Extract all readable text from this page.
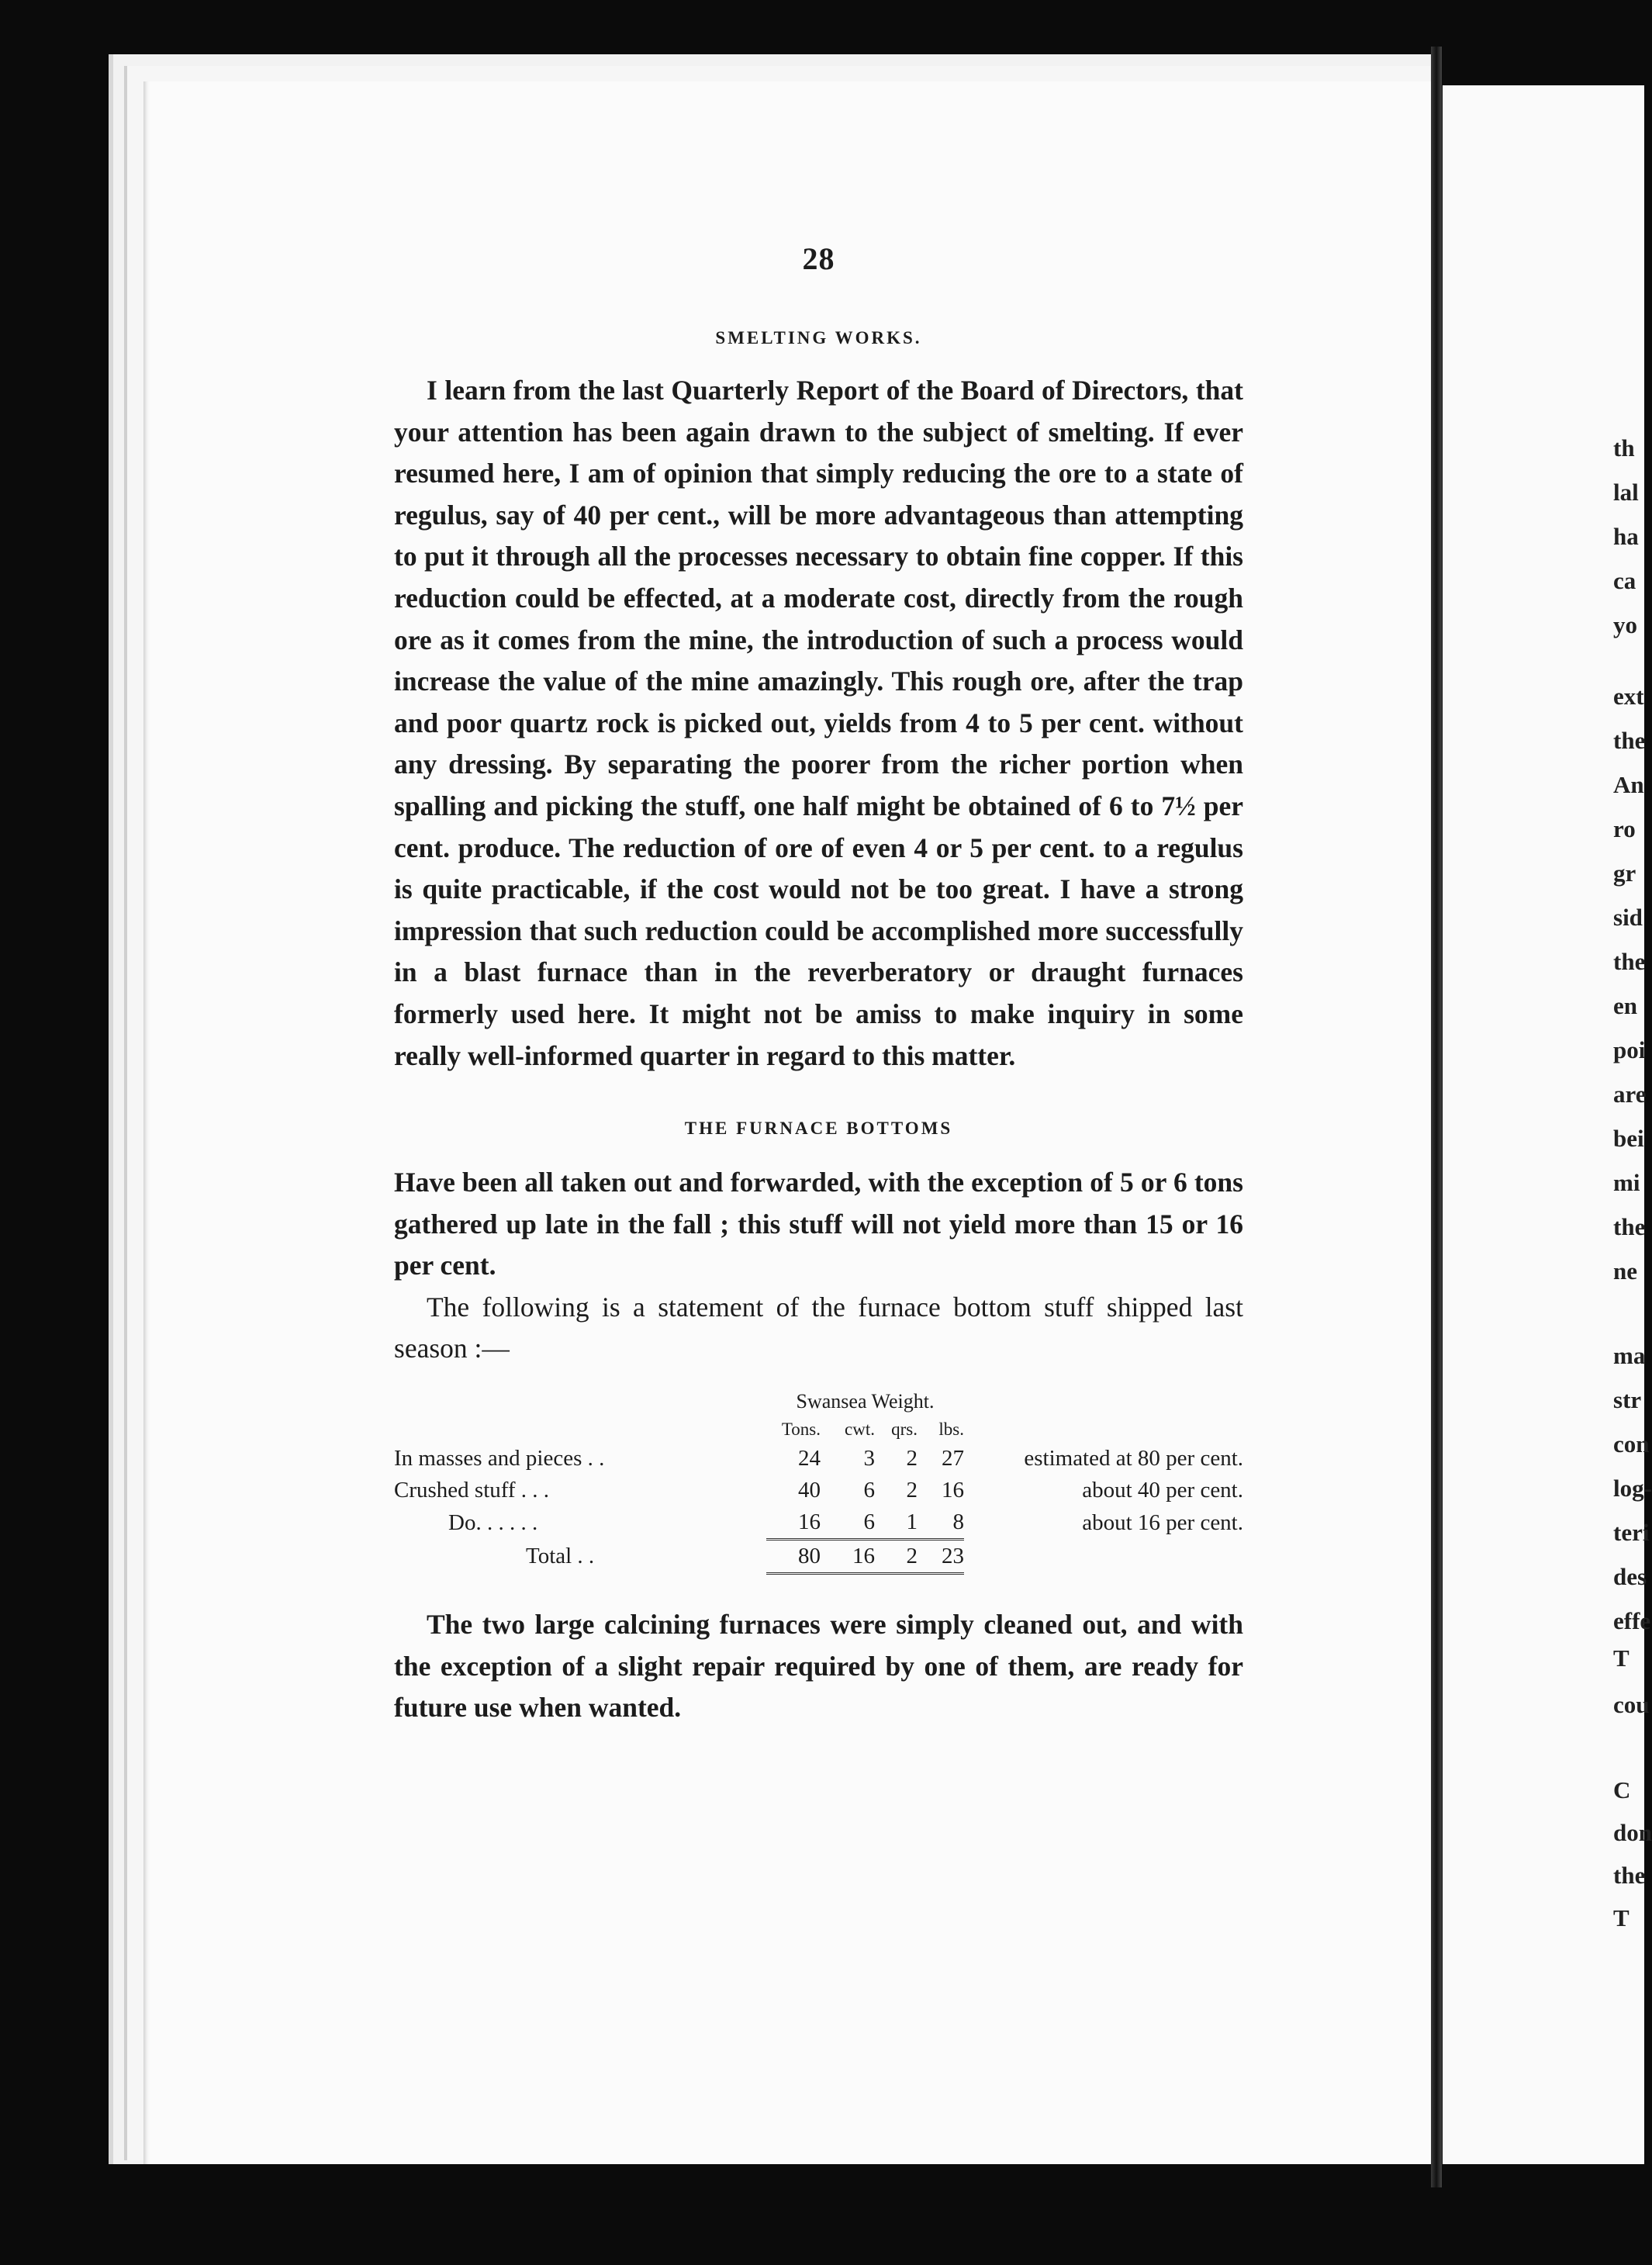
th
lal
ha
ca
yo
ext
the
An
ro
gr
sid
the
en
poi
are
bei
mi
the
ne
ma
str
con
log-
teri
des
effe
T
cou
C
don
the
T
28
SMELTING WORKS.

I learn from the last Quarterly Report of the Board of Directors, that your attention has been again drawn to the subject of smelting. If ever resumed here, I am of opinion that simply reducing the ore to a state of regulus, say of 40 per cent., will be more advantageous than attempting to put it through all the processes necessary to obtain fine copper. If this reduction could be effected, at a moderate cost, directly from the rough ore as it comes from the mine, the introduction of such a process would increase the value of the mine amazingly. This rough ore, after the trap and poor quartz rock is picked out, yields from 4 to 5 per cent. without any dressing. By separating the poorer from the richer portion when spalling and picking the stuff, one half might be obtained of 6 to 7½ per cent. produce. The reduction of ore of even 4 or 5 per cent. to a regulus is quite practicable, if the cost would not be too great. I have a strong impression that such reduction could be accomplished more successfully in a blast furnace than in the reverberatory or draught furnaces formerly used here. It might not be amiss to make inquiry in some really well-informed quarter in regard to this matter.

THE FURNACE BOTTOMS

Have been all taken out and forwarded, with the exception of 5 or 6 tons gathered up late in the fall ; this stuff will not yield more than 15 or 16 per cent.

The following is a statement of the furnace bottom stuff shipped last season :—

	Swansea Weight.				
	Tons.	cwt.	qrs.	lbs.	
In masses and pieces . .	24	3	2	27	estimated at 80 per cent.
Crushed stuff . . .	40	6	2	16	about 40 per cent.
Do. . . . . .	16	6	1	8	about 16 per cent.
Total . .	80	16	2	23	

The two large calcining furnaces were simply cleaned out, and with the exception of a slight repair required by one of them, are ready for future use when wanted.
